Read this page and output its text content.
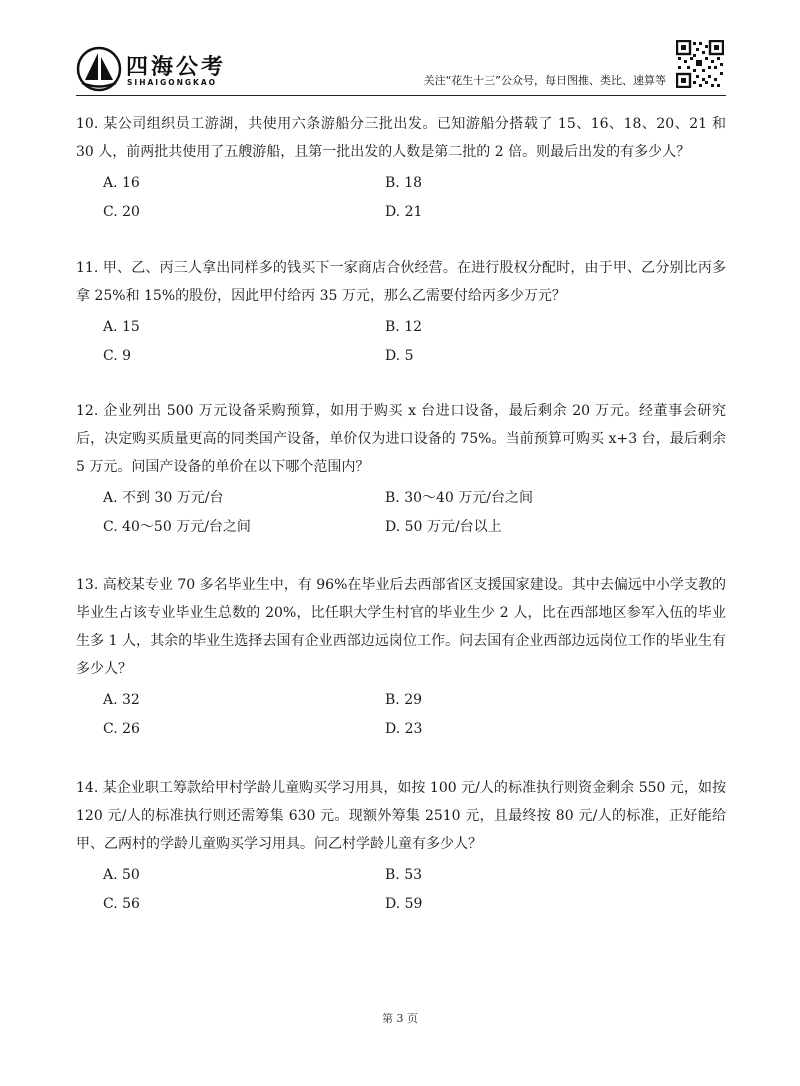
四海公考
SIHAIGONGKAO	关注“花生十三”公众号，每日图推、类比、速算等

10. 某公司组织员工游湖，共使用六条游船分三批出发。已知游船分搭载了 15、16、18、20、21 和 30 人，前两批共使用了五艘游船，且第一批出发的人数是第二批的 2 倍。则最后出发的有多少人？

A. 16	B. 18
C. 20	D. 21

11. 甲、乙、丙三人拿出同样多的钱买下一家商店合伙经营。在进行股权分配时，由于甲、乙分别比丙多拿 25%和 15%的股份，因此甲付给丙 35 万元，那么乙需要付给丙多少万元？

A. 15	B. 12
C. 9	D. 5

12. 企业列出 500 万元设备采购预算，如用于购买 x 台进口设备，最后剩余 20 万元。经董事会研究后，决定购买质量更高的同类国产设备，单价仅为进口设备的 75%。当前预算可购买 x+3 台，最后剩余 5 万元。问国产设备的单价在以下哪个范围内？

A. 不到 30 万元/台	B. 30～40 万元/台之间
C. 40～50 万元/台之间	D. 50 万元/台以上

13. 高校某专业 70 多名毕业生中，有 96%在毕业后去西部省区支援国家建设。其中去偏远中小学支教的毕业生占该专业毕业生总数的 20%，比任职大学生村官的毕业生少 2 人，比在西部地区参军入伍的毕业生多 1 人，其余的毕业生选择去国有企业西部边远岗位工作。问去国有企业西部边远岗位工作的毕业生有多少人？

A. 32	B. 29
C. 26	D. 23

14. 某企业职工筹款给甲村学龄儿童购买学习用具，如按 100 元/人的标准执行则资金剩余 550 元，如按 120 元/人的标准执行则还需筹集 630 元。现额外筹集 2510 元，且最终按 80 元/人的标准，正好能给甲、乙两村的学龄儿童购买学习用具。问乙村学龄儿童有多少人？

A. 50	B. 53
C. 56	D. 59
第 3 页
